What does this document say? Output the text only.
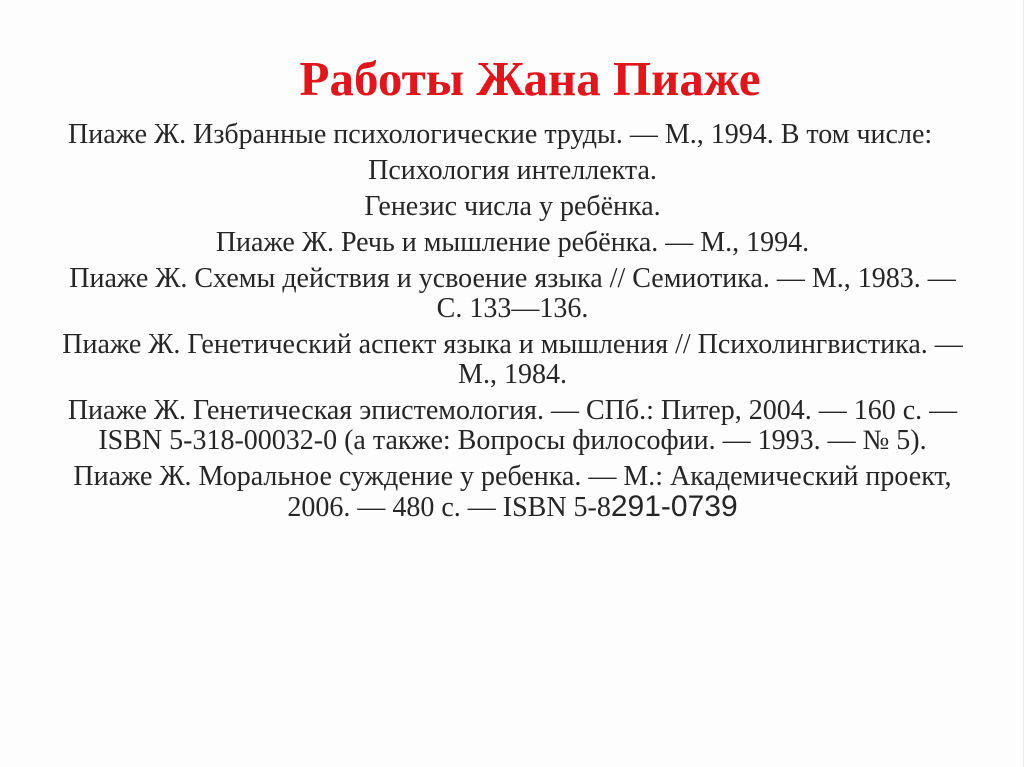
Работы Жана Пиаже
Пиаже Ж. Избранные психологические труды. — М., 1994. В том числе:
Психология интеллекта.
Генезис числа у ребёнка.
Пиаже Ж. Речь и мышление ребёнка. — М., 1994.
Пиаже Ж. Схемы действия и усвоение языка // Семиотика. — М., 1983. — С. 133—136.
Пиаже Ж. Генетический аспект языка и мышления // Психолингвистика. — М., 1984.
Пиаже Ж. Генетическая эпистемология. — СПб.: Питер, 2004. — 160 с. — ISBN 5-318-00032-0 (а также: Вопросы философии. — 1993. — № 5).
Пиаже Ж. Моральное суждение у ребенка. — М.: Академический проект, 2006. — 480 с. — ISBN 5-8291-0739
